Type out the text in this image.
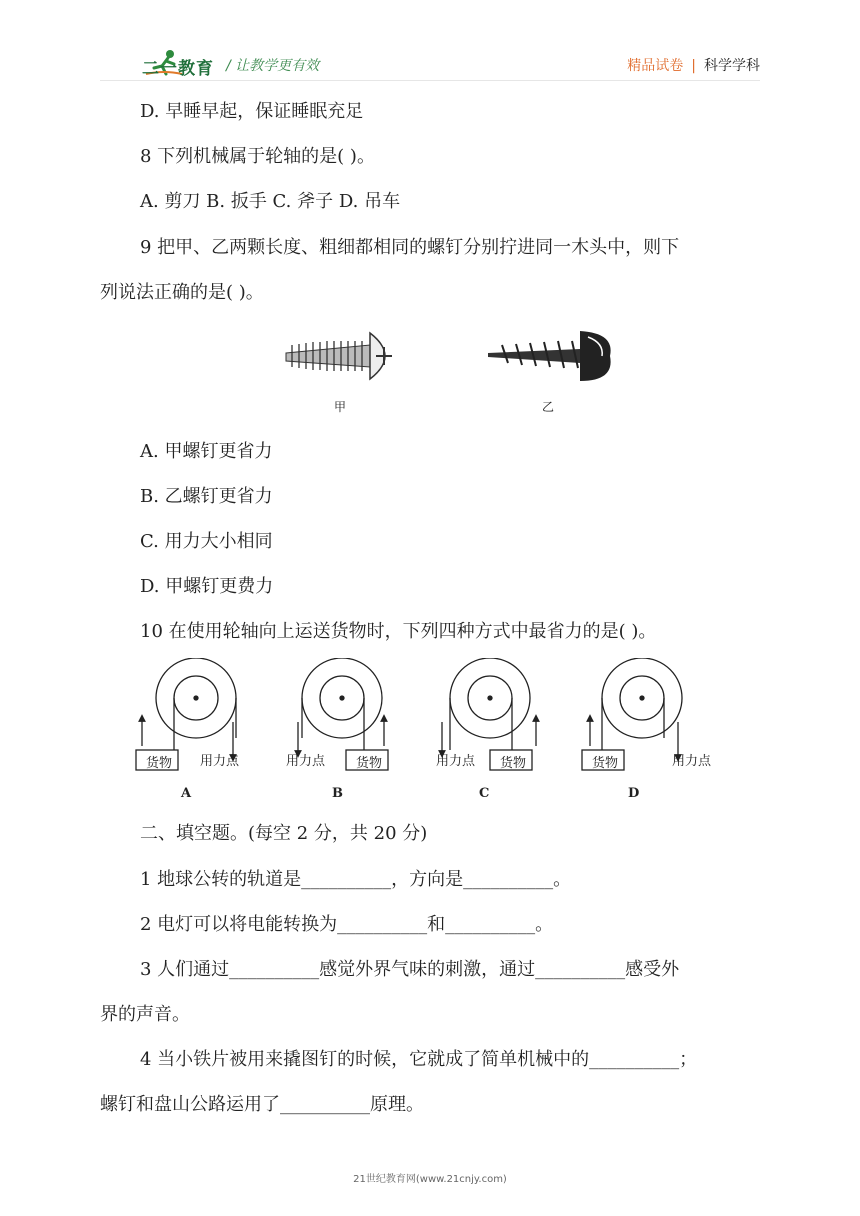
二一教育 / 让教学更有效	精品试卷 | 科学学科
D. 早睡早起，保证睡眠充足
8 下列机械属于轮轴的是( )。
A. 剪刀 B. 扳手 C. 斧子 D. 吊车
9 把甲、乙两颗长度、粗细都相同的螺钉分别拧进同一木头中，则下
列说法正确的是( )。
甲	乙
A. 甲螺钉更省力
B. 乙螺钉更省力
C. 用力大小相同
D. 甲螺钉更费力
10 在使用轮轴向上运送货物时，下列四种方式中最省力的是( )。
货物 用力点	用力点 货物	用力点 货物	货物	用力点
A	B	C	D
二、填空题。(每空 2 分，共 20 分)
1 地球公转的轨道是__________，方向是__________。
2 电灯可以将电能转换为__________和__________。
3 人们通过__________感觉外界气味的刺激，通过__________感受外
界的声音。
4 当小铁片被用来撬图钉的时候，它就成了简单机械中的__________；
螺钉和盘山公路运用了__________原理。
21世纪教育网(www.21cnjy.com)
